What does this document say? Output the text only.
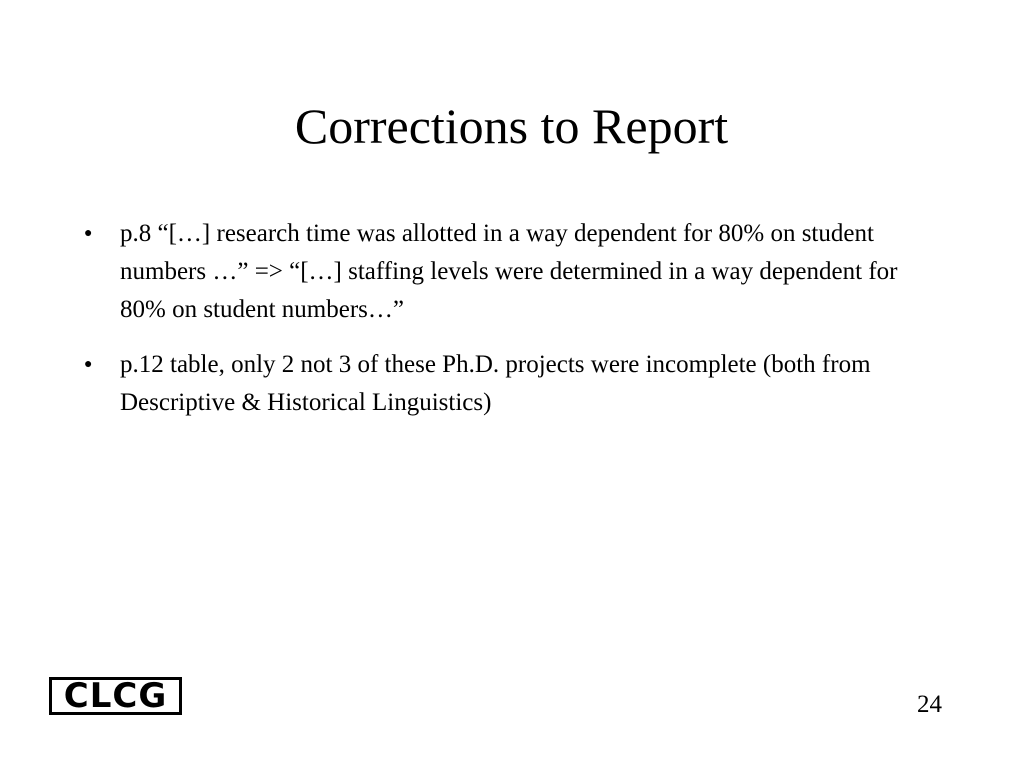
Corrections to Report
●	p.8 “[…] research time was allotted in a way dependent for 80% on student numbers …” => “[…] staffing levels were determined in a way dependent for 80% on student numbers…”
●	p.12 table, only 2 not 3 of these Ph.D. projects were incomplete (both from Descriptive & Historical Linguistics)
CLCG	24
